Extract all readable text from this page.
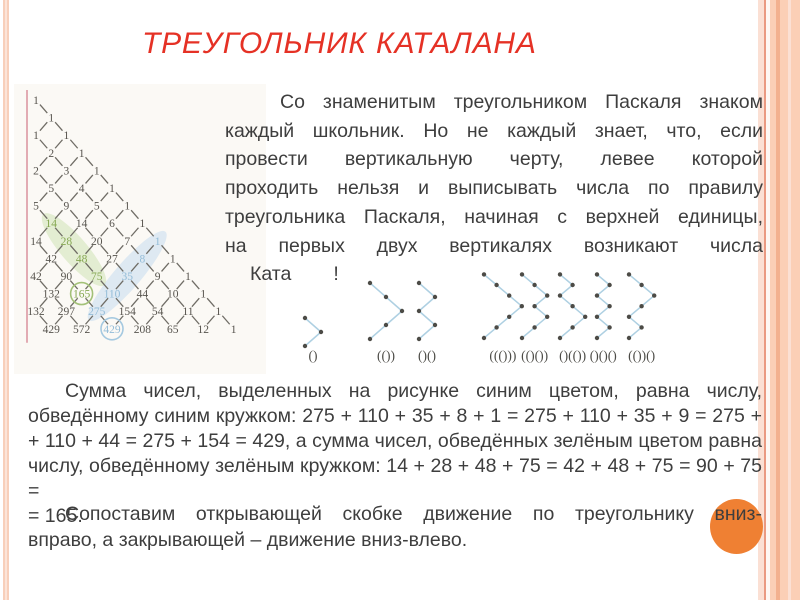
ТРЕУГОЛЬНИК КАТАЛАНА
1
1
1 1
2 1
2 3 1
5 4 1
5 9 5 1
14 14 6 1
14 28 20 7 1
42 48 27 8 1
42 90 75 35 9 1
132 165 110 44 10 1
132 297 275 154 54 11 1
429 572 429 208 65 12 1
Со знаменитым треугольником Паскаля знаком
каждый школьник. Но не каждый знает, что, если
провести вертикальную черту, левее которой
проходить нельзя и выписывать числа по правилу
треугольника Паскаля, начиная с верхней единицы,
на первых двух вертикалях возникают числа
Ката !
()	(()) ()()	((())) (()()) ()(()) ()()() (())()
Сумма чисел, выделенных на рисунке синим цветом, равна числу,
обведённому синим кружком: 275 + 110 + 35 + 8 + 1 = 275 + 110 + 35 + 9 = 275 +
+ 110 + 44 = 275 + 154 = 429, а сумма чисел, обведённых зелёным цветом равна
числу, обведённому зелёным кружком: 14 + 28 + 48 + 75 = 42 + 48 + 75 = 90 + 75 =
= 165.
Сопоставим открывающей скобке движение по треугольнику вниз-
вправо, а закрывающей – движение вниз-влево.
